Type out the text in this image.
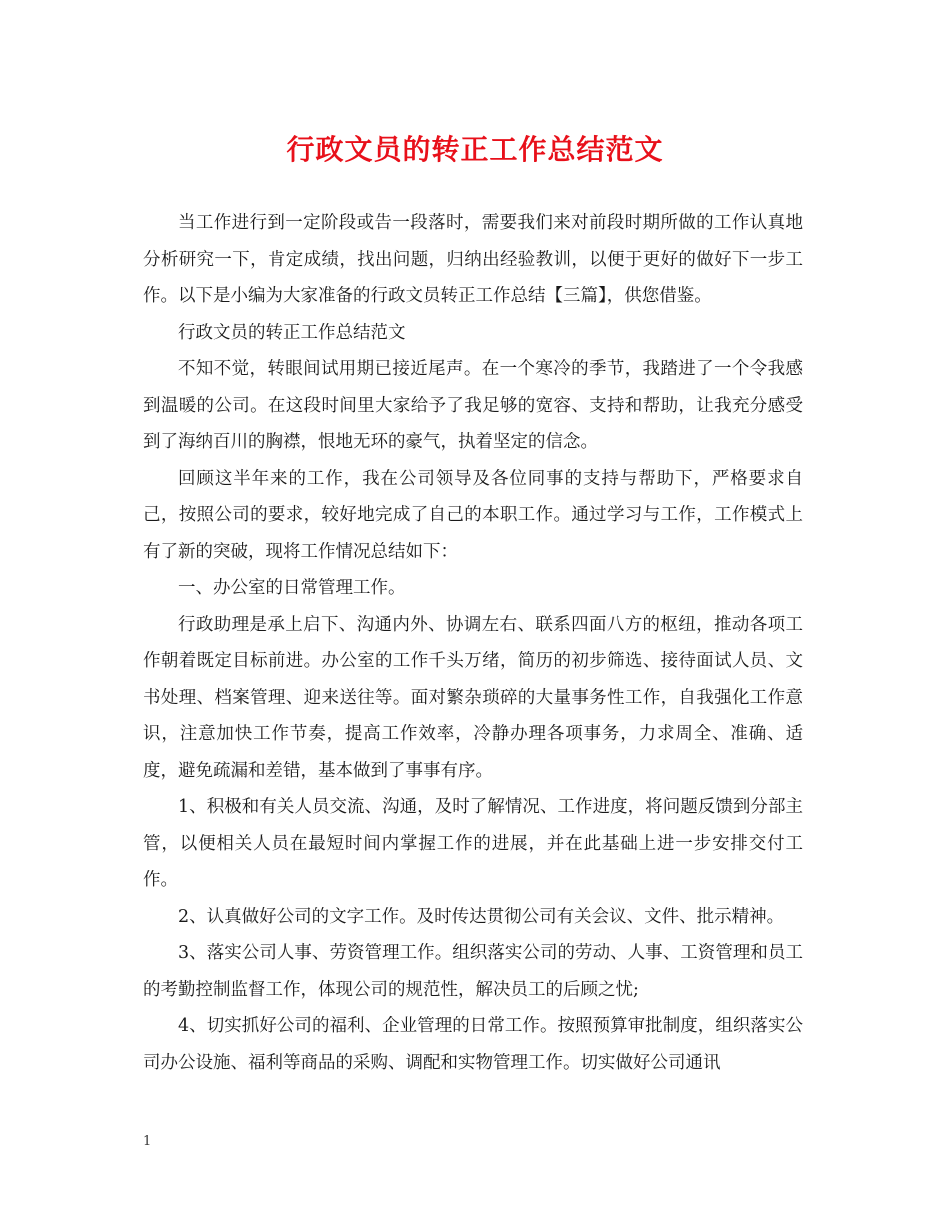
行政文员的转正工作总结范文

当工作进行到一定阶段或告一段落时，需要我们来对前段时期所做的工作认真地分析研究一下，肯定成绩，找出问题，归纳出经验教训，以便于更好的做好下一步工作。以下是小编为大家准备的行政文员转正工作总结【三篇】，供您借鉴。

行政文员的转正工作总结范文

不知不觉，转眼间试用期已接近尾声。在一个寒冷的季节，我踏进了一个令我感到温暖的公司。在这段时间里大家给予了我足够的宽容、支持和帮助，让我充分感受到了海纳百川的胸襟，恨地无环的豪气，执着坚定的信念。

回顾这半年来的工作，我在公司领导及各位同事的支持与帮助下，严格要求自己，按照公司的要求，较好地完成了自己的本职工作。通过学习与工作，工作模式上有了新的突破，现将工作情况总结如下：

一、办公室的日常管理工作。

行政助理是承上启下、沟通内外、协调左右、联系四面八方的枢纽，推动各项工作朝着既定目标前进。办公室的工作千头万绪，简历的初步筛选、接待面试人员、文书处理、档案管理、迎来送往等。面对繁杂琐碎的大量事务性工作，自我强化工作意识，注意加快工作节奏，提高工作效率，冷静办理各项事务，力求周全、准确、适度，避免疏漏和差错，基本做到了事事有序。

1、积极和有关人员交流、沟通，及时了解情况、工作进度，将问题反馈到分部主管，以便相关人员在最短时间内掌握工作的进展，并在此基础上进一步安排交付工作。

2、认真做好公司的文字工作。及时传达贯彻公司有关会议、文件、批示精神。

3、落实公司人事、劳资管理工作。组织落实公司的劳动、人事、工资管理和员工的考勤控制监督工作，体现公司的规范性，解决员工的后顾之忧;

4、切实抓好公司的福利、企业管理的日常工作。按照预算审批制度，组织落实公司办公设施、福利等商品的采购、调配和实物管理工作。切实做好公司通讯

1
